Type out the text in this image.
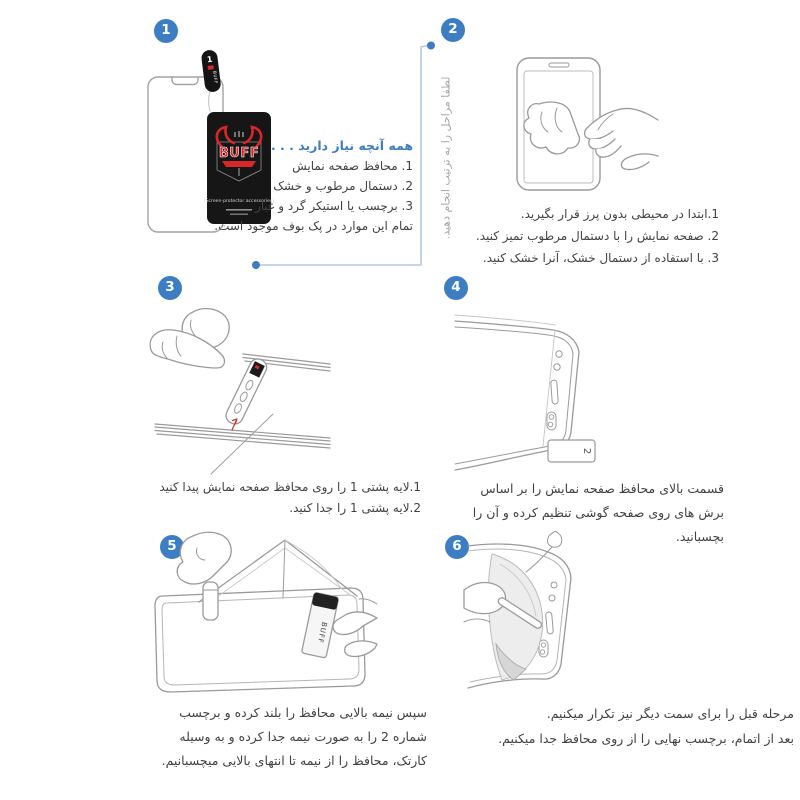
1	2
3	4
5	6
لطفا مراحل را به ترتیب انجام دهید.
BUFF
(Screen-protector accessories)
1
BUFF
2
BUFF
همه آنچه نیاز دارید . . .
1. محافظ صفحه نمایش
2. دستمال مرطوب و خشک
3. برچسب یا استیکر گرد و غبار
تمام این موارد در پک بوف موجود است.
1.ابتدا در محیطی بدون پرز قرار بگیرید.
2. صفحه نمایش را با دستمال مرطوب تمیز کنید.
3. با استفاده از دستمال خشک، آنرا خشک کنید.
1.لایه پشتی 1 را روی محافظ صفحه نمایش پیدا کنید
2.لایه پشتی 1 را جدا کنید.
قسمت بالای محافظ صفحه نمایش را بر اساس
برش های روی صفحه گوشی تنظیم کرده و آن را
بچسبانید.
سپس نیمه بالایی محافظ را بلند کرده و برچسب
شماره 2 را به صورت نیمه جدا کرده و به وسیله
کارتک، محافظ را از نیمه تا انتهای بالایی میچسبانیم.
مرحله قبل را برای سمت دیگر نیز تکرار میکنیم.
بعد از اتمام، برچسب نهایی را از روی محافظ جدا میکنیم.
